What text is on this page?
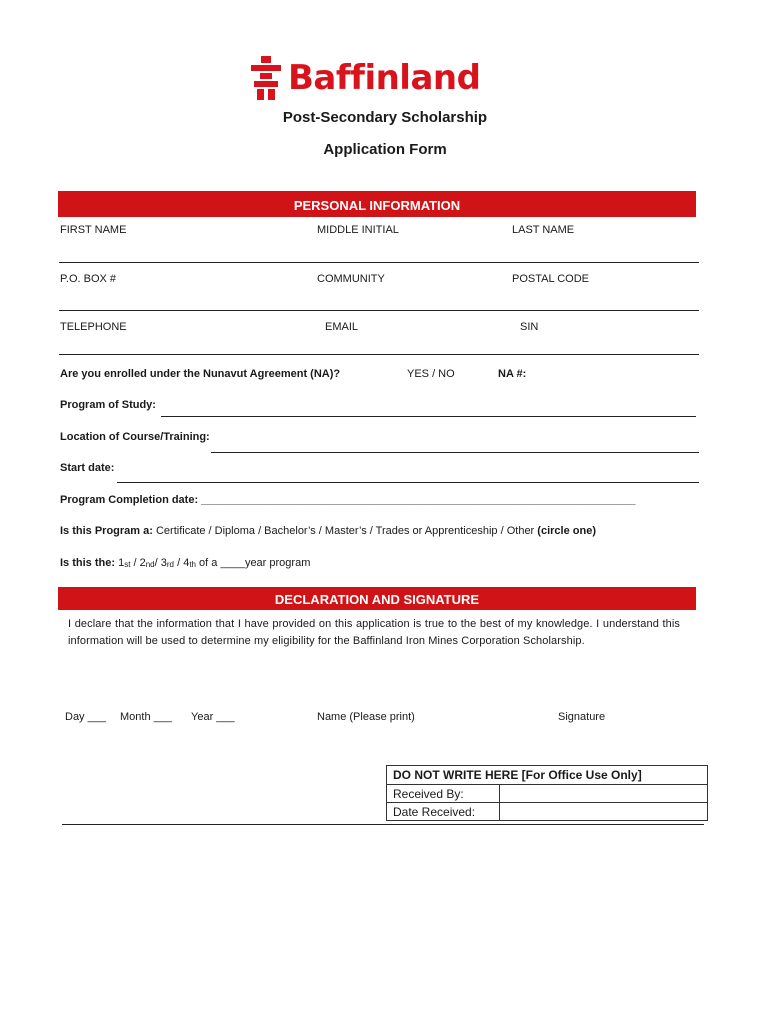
Baffinland
Post-Secondary Scholarship
Application Form
PERSONAL INFORMATION
FIRST NAME	MIDDLE INITIAL	LAST NAME
P.O. BOX #	COMMUNITY	POSTAL CODE
TELEPHONE	EMAIL	SIN
Are you enrolled under the Nunavut Agreement (NA)?	YES / NO	NA #:
Program of Study:
Location of Course/Training:
Start date:
Program Completion date: _______________________________________________________________________
Is this Program a: Certificate / Diploma / Bachelor’s / Master’s / Trades or Apprenticeship / Other (circle one)
Is this the: 1st / 2nd/ 3rd / 4th of a ____year program
DECLARATION AND SIGNATURE
I declare that the information that I have provided on this application is true to the best of my knowledge. I understand this information will be used to determine my eligibility for the Baffinland Iron Mines Corporation Scholarship.
Day ___ Month ___ Year ___	Name (Please print)	Signature
DO NOT WRITE HERE [For Office Use Only]	
Received By:	
Date Received:	
